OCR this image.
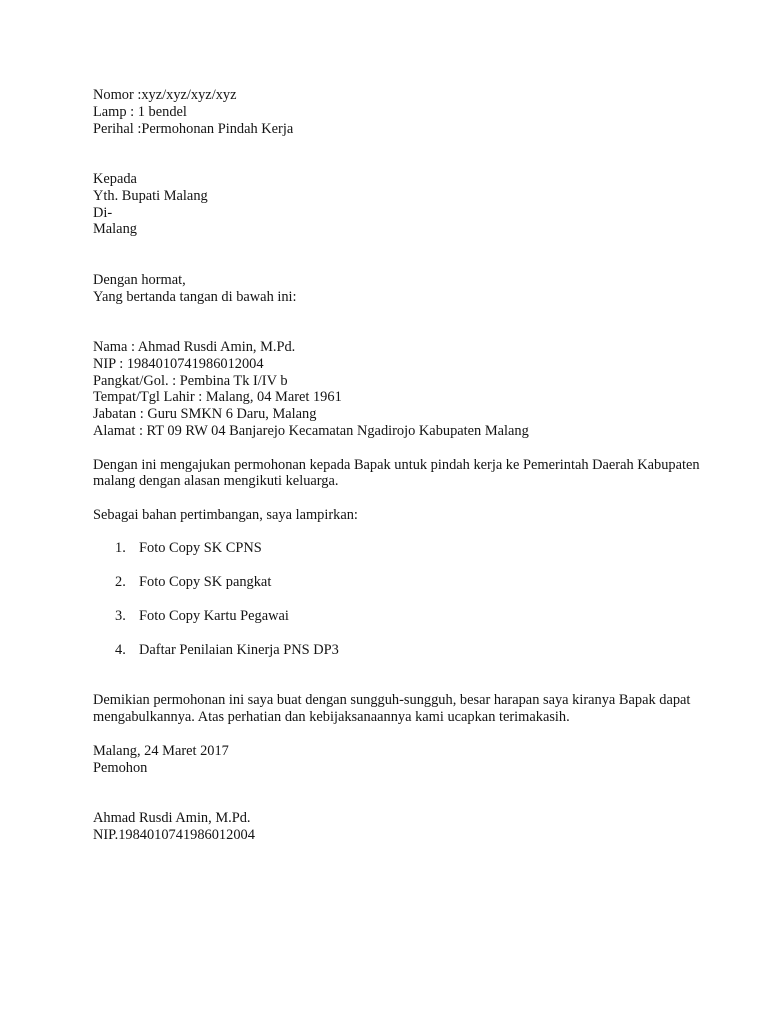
Nomor :xyz/xyz/xyz/xyz
Lamp : 1 bendel
Perihal :Permohonan Pindah Kerja
Kepada
Yth. Bupati Malang
Di-
Malang
Dengan hormat,
Yang bertanda tangan di bawah ini:
Nama : Ahmad Rusdi Amin, M.Pd.
NIP : 198401074198601200​4
Pangkat/Gol. : Pembina Tk I/IV b
Tempat/Tgl Lahir : Malang, 04 Maret 1961
Jabatan : Guru SMKN 6 Daru, Malang
Alamat : RT 09 RW 04 Banjarejo Kecamatan Ngadirojo Kabupaten Malang
Dengan ini mengajukan permohonan kepada Bapak untuk pindah kerja ke Pemerintah Daerah Kabupaten malang dengan alasan mengikuti keluarga.
Sebagai bahan pertimbangan, saya lampirkan:
1. Foto Copy SK CPNS
2. Foto Copy SK pangkat
3. Foto Copy Kartu Pegawai
4. Daftar Penilaian Kinerja PNS DP3
Demikian permohonan ini saya buat dengan sungguh-sungguh, besar harapan saya kiranya Bapak dapat mengabulkannya. Atas perhatian dan kebijaksanaannya kami ucapkan terimakasih.
Malang, 24 Maret 2017
Pemohon
Ahmad Rusdi Amin, M.Pd.
NIP.198401074198601200​4
